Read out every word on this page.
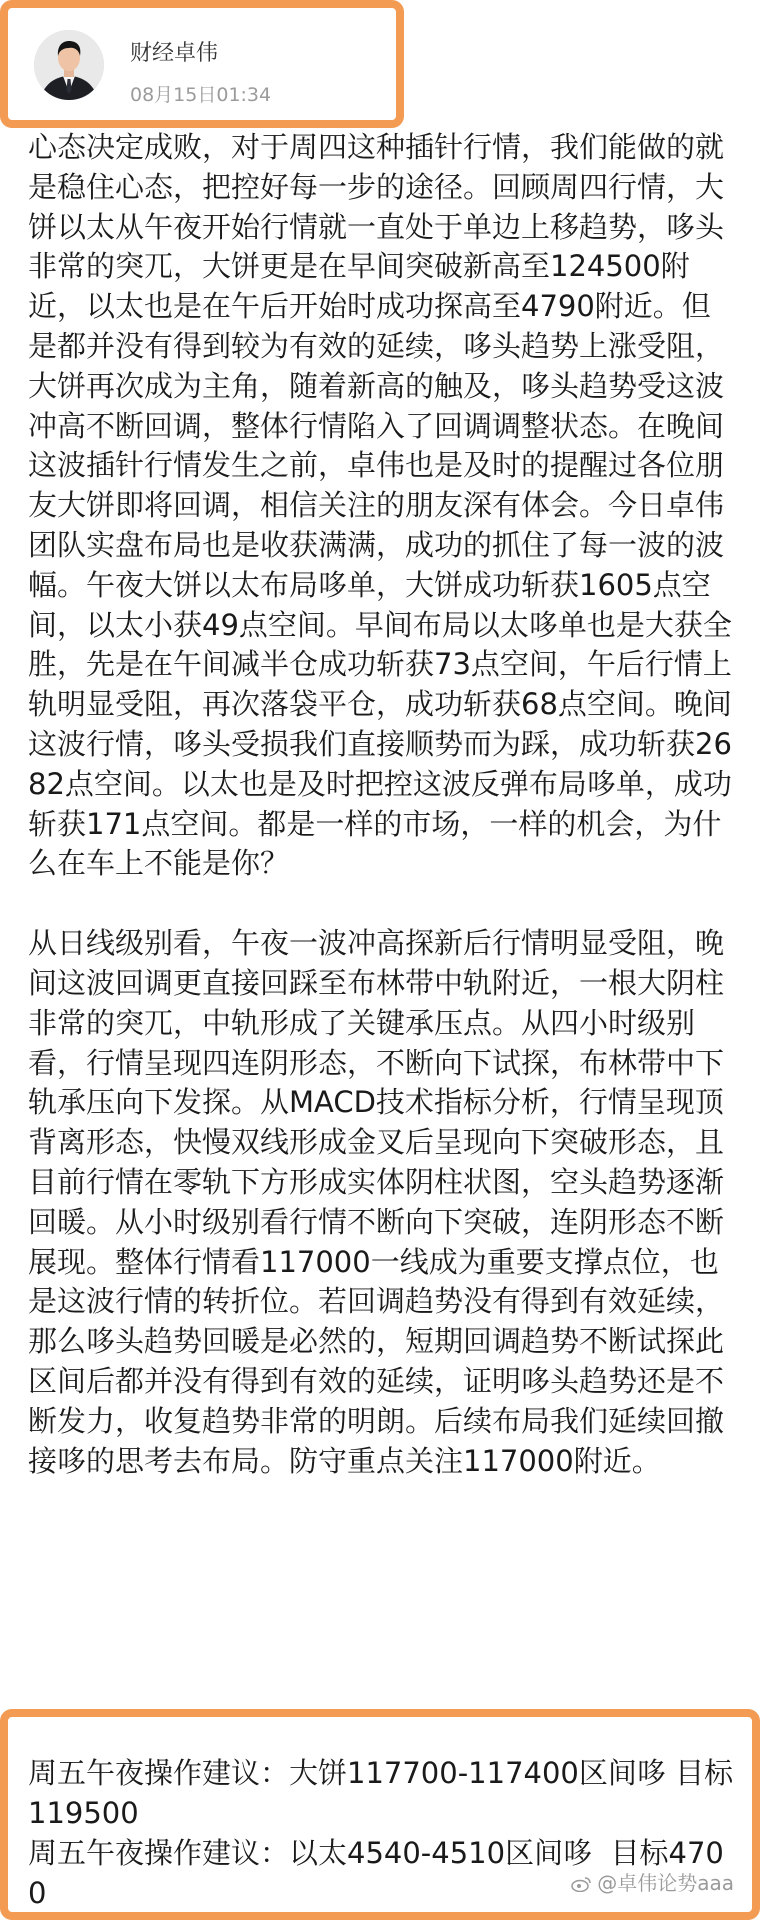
财经卓伟
08月15日01:34

心态决定成败，对于周四这种插针行情，我们能做的就是稳住心态，把控好每一步的途径。回顾周四行情，大饼以太从午夜开始行情就一直处于单边上移趋势，哆头非常的突兀，大饼更是在早间突破新高至124500附近，以太也是在午后开始时成功探高至4790附近。但是都并没有得到较为有效的延续，哆头趋势上涨受阻，大饼再次成为主角，随着新高的触及，哆头趋势受这波冲高不断回调，整体行情陷入了回调调整状态。在晚间这波插针行情发生之前，卓伟也是及时的提醒过各位朋友大饼即将回调，相信关注的朋友深有体会。今日卓伟团队实盘布局也是收获满满，成功的抓住了每一波的波幅。午夜大饼以太布局哆单，大饼成功斩获1605点空间，以太小获49点空间。早间布局以太哆单也是大获全胜，先是在午间减半仓成功斩获73点空间，午后行情上轨明显受阻，再次落袋平仓，成功斩获68点空间。晚间这波行情，哆头受损我们直接顺势而为踩，成功斩获2682点空间。以太也是及时把控这波反弹布局哆单，成功斩获171点空间。都是一样的市场，一样的机会，为什么在车上不能是你？

从日线级别看，午夜一波冲高探新后行情明显受阻，晚间这波回调更直接回踩至布林带中轨附近，一根大阴柱非常的突兀，中轨形成了关键承压点。从四小时级别看，行情呈现四连阴形态，不断向下试探，布林带中下轨承压向下发探。从MACD技术指标分析，行情呈现顶背离形态，快慢双线形成金叉后呈现向下突破形态，且目前行情在零轨下方形成实体阴柱状图，空头趋势逐渐回暖。从小时级别看行情不断向下突破，连阴形态不断展现。整体行情看117000一线成为重要支撑点位，也是这波行情的转折位。若回调趋势没有得到有效延续，那么哆头趋势回暖是必然的，短期回调趋势不断试探此区间后都并没有得到有效的延续，证明哆头趋势还是不断发力，收复趋势非常的明朗。后续布局我们延续回撤接哆的思考去布局。防守重点关注117000附近。

周五午夜操作建议：大饼117700-117400区间哆 目标119500

周五午夜操作建议：以太4540-4510区间哆  目标4700	@卓伟论势aaa
